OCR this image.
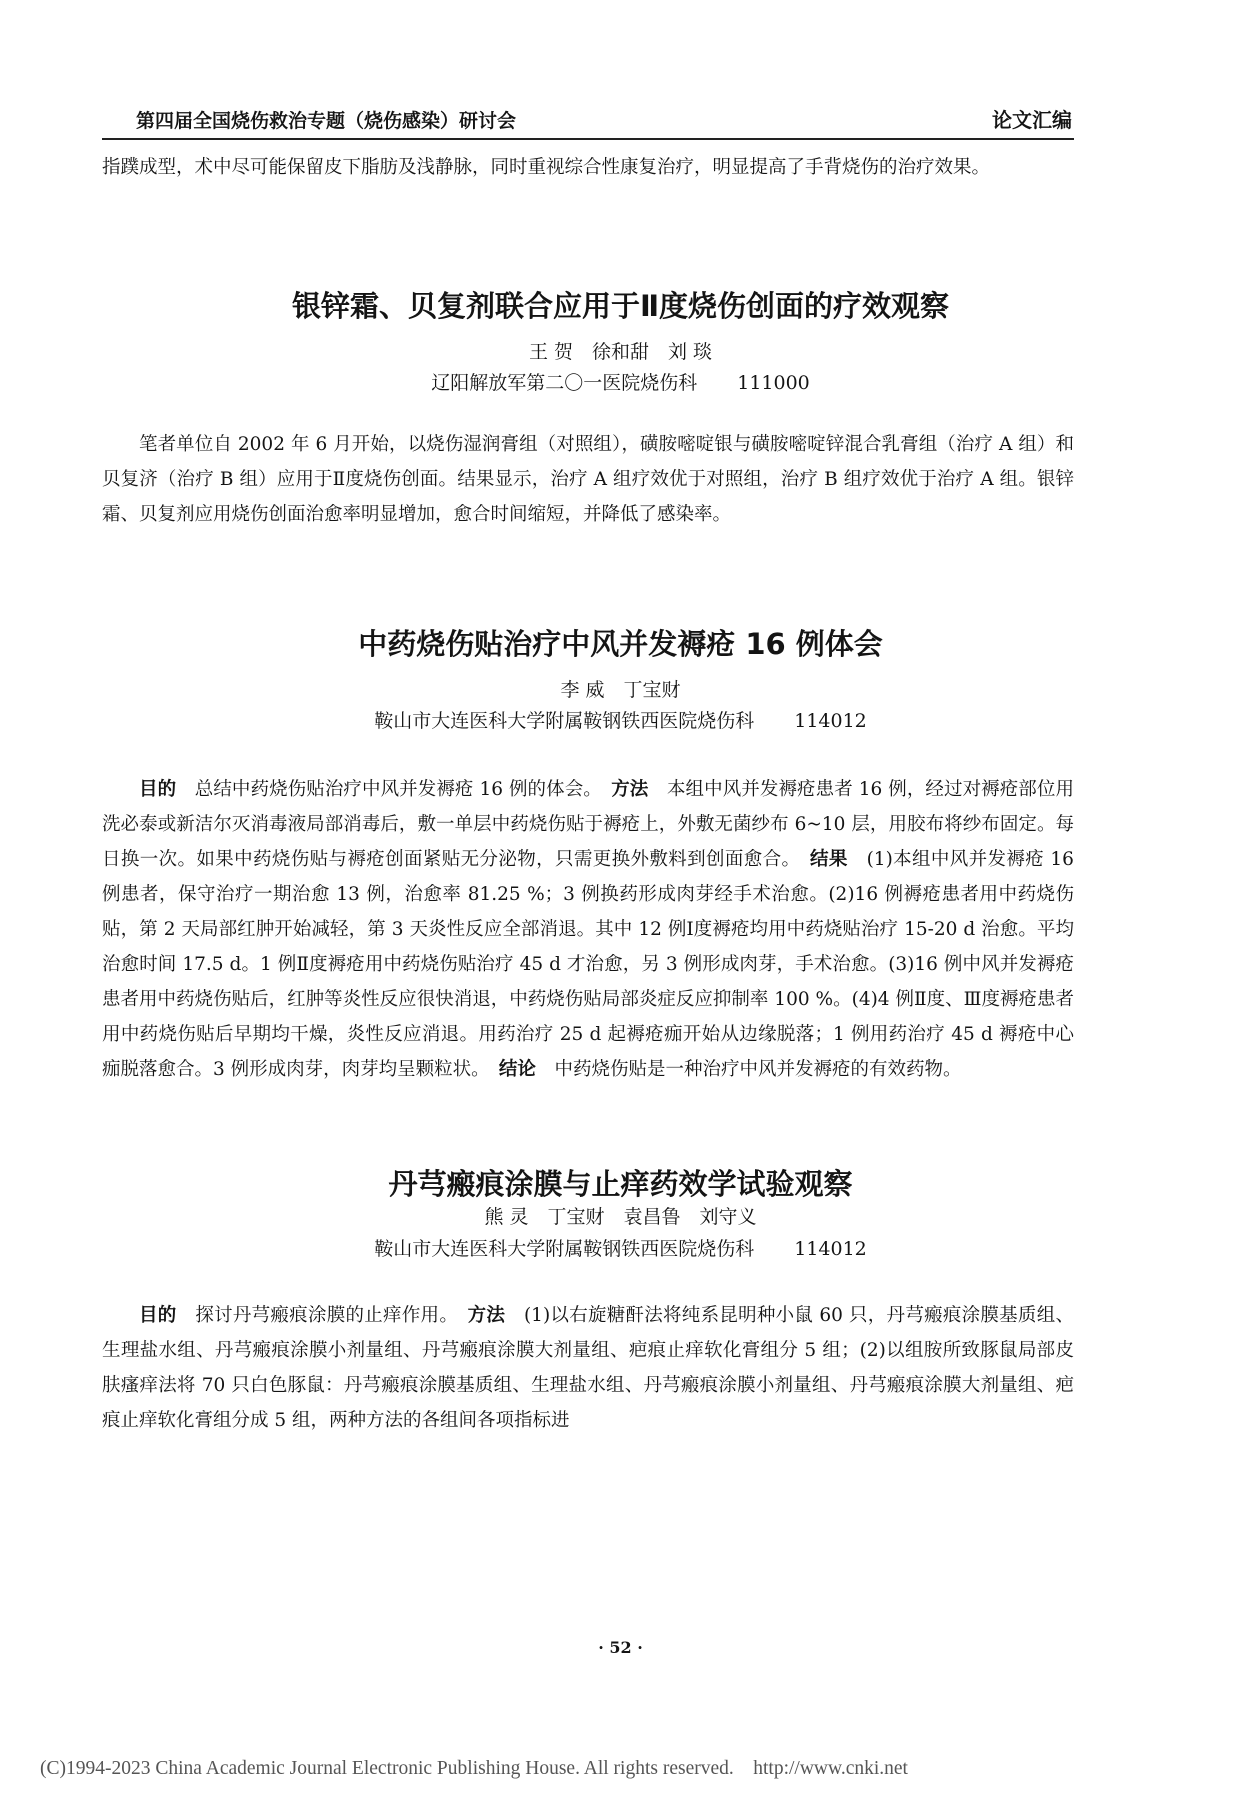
第四届全国烧伤救治专题（烧伤感染）研讨会	论文汇编
指蹼成型，术中尽可能保留皮下脂肪及浅静脉，同时重视综合性康复治疗，明显提高了手背烧伤的治疗效果。
银锌霜、贝复剂联合应用于Ⅱ度烧伤创面的疗效观察
王 贺　徐和甜　刘 琰
辽阳解放军第二〇一医院烧伤科 111000
笔者单位自 2002 年 6 月开始，以烧伤湿润膏组（对照组），磺胺嘧啶银与磺胺嘧啶锌混合乳膏组（治疗 A 组）和贝复济（治疗 B 组）应用于Ⅱ度烧伤创面。结果显示，治疗 A 组疗效优于对照组，治疗 B 组疗效优于治疗 A 组。银锌霜、贝复剂应用烧伤创面治愈率明显增加，愈合时间缩短，并降低了感染率。
中药烧伤贴治疗中风并发褥疮 16 例体会
李 威　丁宝财
鞍山市大连医科大学附属鞍钢铁西医院烧伤科 114012
目的　 总结中药烧伤贴治疗中风并发褥疮 16 例的体会。　 方法　 本组中风并发褥疮患者 16 例，经过对褥疮部位用洗必泰或新洁尔灭消毒液局部消毒后，敷一单层中药烧伤贴于褥疮上，外敷无菌纱布 6~10 层，用胶布将纱布固定。每日换一次。如果中药烧伤贴与褥疮创面紧贴无分泌物，只需更换外敷料到创面愈合。　 结果　 (1)本组中风并发褥疮 16 例患者，保守治疗一期治愈 13 例，治愈率 81.25 %；3 例换药形成肉芽经手术治愈。(2)16 例褥疮患者用中药烧伤贴，第 2 天局部红肿开始减轻，第 3 天炎性反应全部消退。其中 12 例Ⅰ度褥疮均用中药烧贴治疗 15-20 d 治愈。平均治愈时间 17.5 d。1 例Ⅱ度褥疮用中药烧伤贴治疗 45 d 才治愈，另 3 例形成肉芽，手术治愈。(3)16 例中风并发褥疮患者用中药烧伤贴后，红肿等炎性反应很快消退，中药烧伤贴局部炎症反应抑制率 100 %。(4)4 例Ⅱ度、Ⅲ度褥疮患者用中药烧伤贴后早期均干燥，炎性反应消退。用药治疗 25 d 起褥疮痂开始从边缘脱落；1 例用药治疗 45 d 褥疮中心痂脱落愈合。3 例形成肉芽，肉芽均呈颗粒状。　 结论　 中药烧伤贴是一种治疗中风并发褥疮的有效药物。
丹芎瘢痕涂膜与止痒药效学试验观察
熊 灵　丁宝财　袁昌鲁　刘守义
鞍山市大连医科大学附属鞍钢铁西医院烧伤科 114012
目的　 探讨丹芎瘢痕涂膜的止痒作用。　 方法　 (1)以右旋糖酐法将纯系昆明种小鼠 60 只，丹芎瘢痕涂膜基质组、生理盐水组、丹芎瘢痕涂膜小剂量组、丹芎瘢痕涂膜大剂量组、疤痕止痒软化膏组分 5 组；(2)以组胺所致豚鼠局部皮肤瘙痒法将 70 只白色豚鼠：丹芎瘢痕涂膜基质组、生理盐水组、丹芎瘢痕涂膜小剂量组、丹芎瘢痕涂膜大剂量组、疤痕止痒软化膏组分成 5 组，两种方法的各组间各项指标进
· 52 ·
(C)1994-2023 China Academic Journal Electronic Publishing House. All rights reserved.　http://www.cnki.net
